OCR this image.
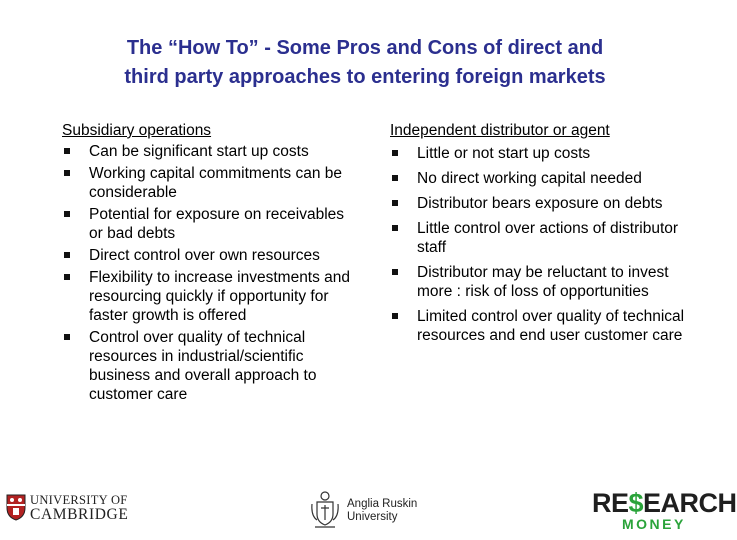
The “How To” - Some Pros and Cons of direct and
third party approaches to entering foreign markets
Subsidiary operations
Can be significant start up costs
Working capital commitments can be considerable
Potential for exposure on receivables or bad debts
Direct control over own resources
Flexibility to increase investments and resourcing quickly if opportunity for faster growth is offered
Control over quality of technical resources in industrial/scientific business and overall approach to customer care
Independent distributor or agent
Little or not start up costs
No direct working capital needed
Distributor bears exposure on debts
Little control over actions of distributor staff
Distributor may be reluctant to invest more : risk of loss of opportunities
Limited control over quality of technical resources and end user customer care
UNIVERSITY OF
CAMBRIDGE
Anglia Ruskin
University	RE$EARCH
MONEY
